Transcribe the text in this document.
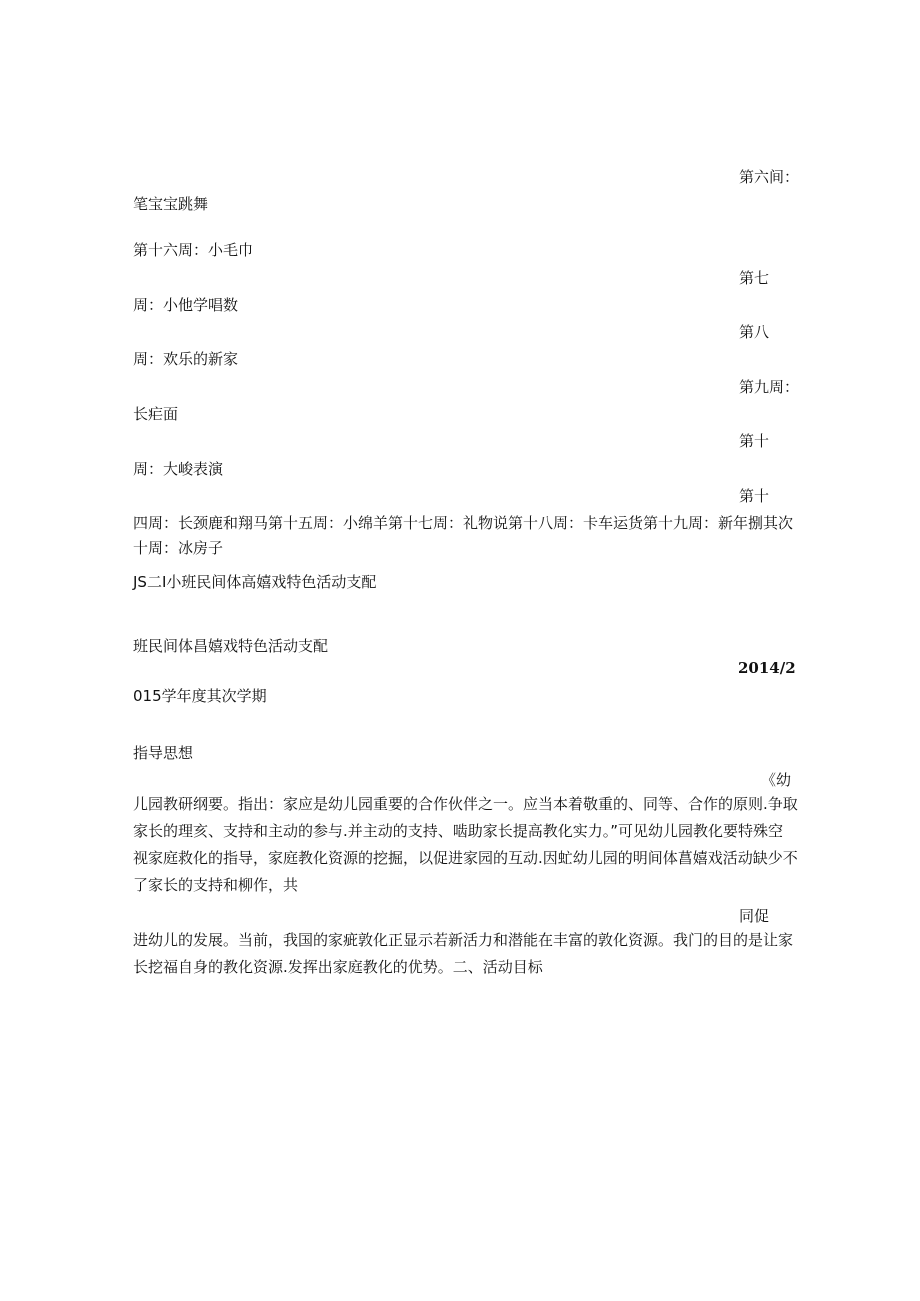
第六间：
笔宝宝跳舞
第十六周：小毛巾
第七
周：小他学唱数
第八
周：欢乐的新家
第九周：
长疟面
第十
周：大峻表演
第十
四周：长颈鹿和翔马第十五周：小绵羊第十七周：礼物说第十八周：卡车运货第十九周：新年捌其次
十周：冰房子
JS二I小班民间体高嬉戏特色活动支配
班民间体昌嬉戏特色活动支配
2014/2
015学年度其次学期
指导思想
《幼
儿园教研纲要。指出：家应是幼儿园重要的合作伙伴之一。应当本着敬重的、同等、合作的原则.争取
家长的理亥、支持和主动的参与.并主动的支持、啮助家长提高教化实力。”可见幼儿园教化要特殊空
视家庭救化的指导，家庭教化资源的挖掘，以促进家园的互动.因虻幼儿园的明间体菖嬉戏活动缺少不
了家长的支持和柳作，共
同促
进幼儿的发展。当前，我国的家疵敦化正显示若新活力和潜能在丰富的敦化资源。我门的目的是让家
长挖福自身的教化资源.发挥出家庭教化的优势。二、活动目标
